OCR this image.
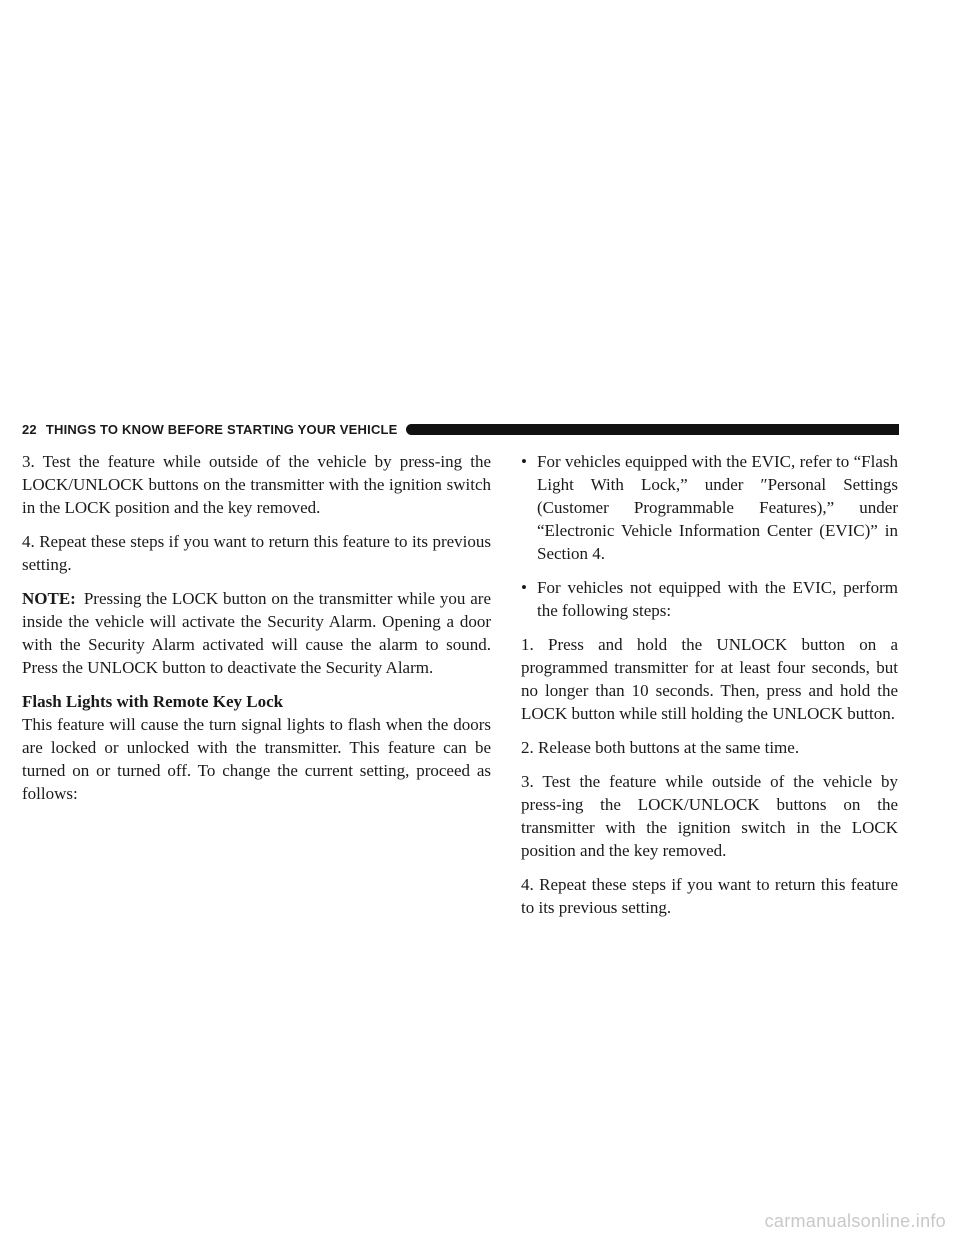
22 THINGS TO KNOW BEFORE STARTING YOUR VEHICLE

3. Test the feature while outside of the vehicle by press-ing the LOCK/UNLOCK buttons on the transmitter with the ignition switch in the LOCK position and the key removed.

4. Repeat these steps if you want to return this feature to its previous setting.

NOTE: Pressing the LOCK button on the transmitter while you are inside the vehicle will activate the Security Alarm. Opening a door with the Security Alarm activated will cause the alarm to sound. Press the UNLOCK button to deactivate the Security Alarm.

Flash Lights with Remote Key Lock

This feature will cause the turn signal lights to flash when the doors are locked or unlocked with the transmitter. This feature can be turned on or turned off. To change the current setting, proceed as follows:

• For vehicles equipped with the EVIC, refer to “Flash Light With Lock,” under ″Personal Settings (Customer Programmable Features),” under “Electronic Vehicle Information Center (EVIC)” in Section 4.
• For vehicles not equipped with the EVIC, perform the following steps:

1. Press and hold the UNLOCK button on a programmed transmitter for at least four seconds, but no longer than 10 seconds. Then, press and hold the LOCK button while still holding the UNLOCK button.

2. Release both buttons at the same time.

3. Test the feature while outside of the vehicle by press-ing the LOCK/UNLOCK buttons on the transmitter with the ignition switch in the LOCK position and the key removed.

4. Repeat these steps if you want to return this feature to its previous setting.

carmanualsonline.info
